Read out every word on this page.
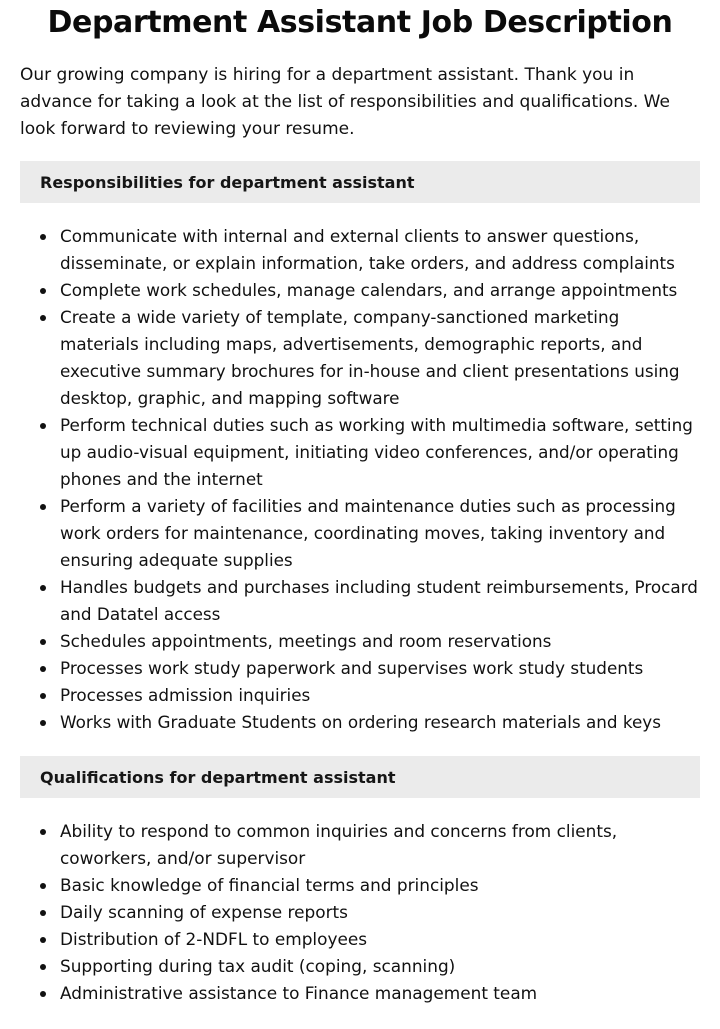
Department Assistant Job Description

Our growing company is hiring for a department assistant. Thank you in advance for taking a look at the list of responsibilities and qualifications. We look forward to reviewing your resume.

Responsibilities for department assistant
Communicate with internal and external clients to answer questions, disseminate, or explain information, take orders, and address complaints
Complete work schedules, manage calendars, and arrange appointments
Create a wide variety of template, company-sanctioned marketing materials including maps, advertisements, demographic reports, and executive summary brochures for in-house and client presentations using desktop, graphic, and mapping software
Perform technical duties such as working with multimedia software, setting up audio-visual equipment, initiating video conferences, and/or operating phones and the internet
Perform a variety of facilities and maintenance duties such as processing work orders for maintenance, coordinating moves, taking inventory and ensuring adequate supplies
Handles budgets and purchases including student reimbursements, Procard and Datatel access
Schedules appointments, meetings and room reservations
Processes work study paperwork and supervises work study students
Processes admission inquiries
Works with Graduate Students on ordering research materials and keys
Qualifications for department assistant
Ability to respond to common inquiries and concerns from clients, coworkers, and/or supervisor
Basic knowledge of financial terms and principles
Daily scanning of expense reports
Distribution of 2-NDFL to employees
Supporting during tax audit (coping, scanning)
Administrative assistance to Finance management team
